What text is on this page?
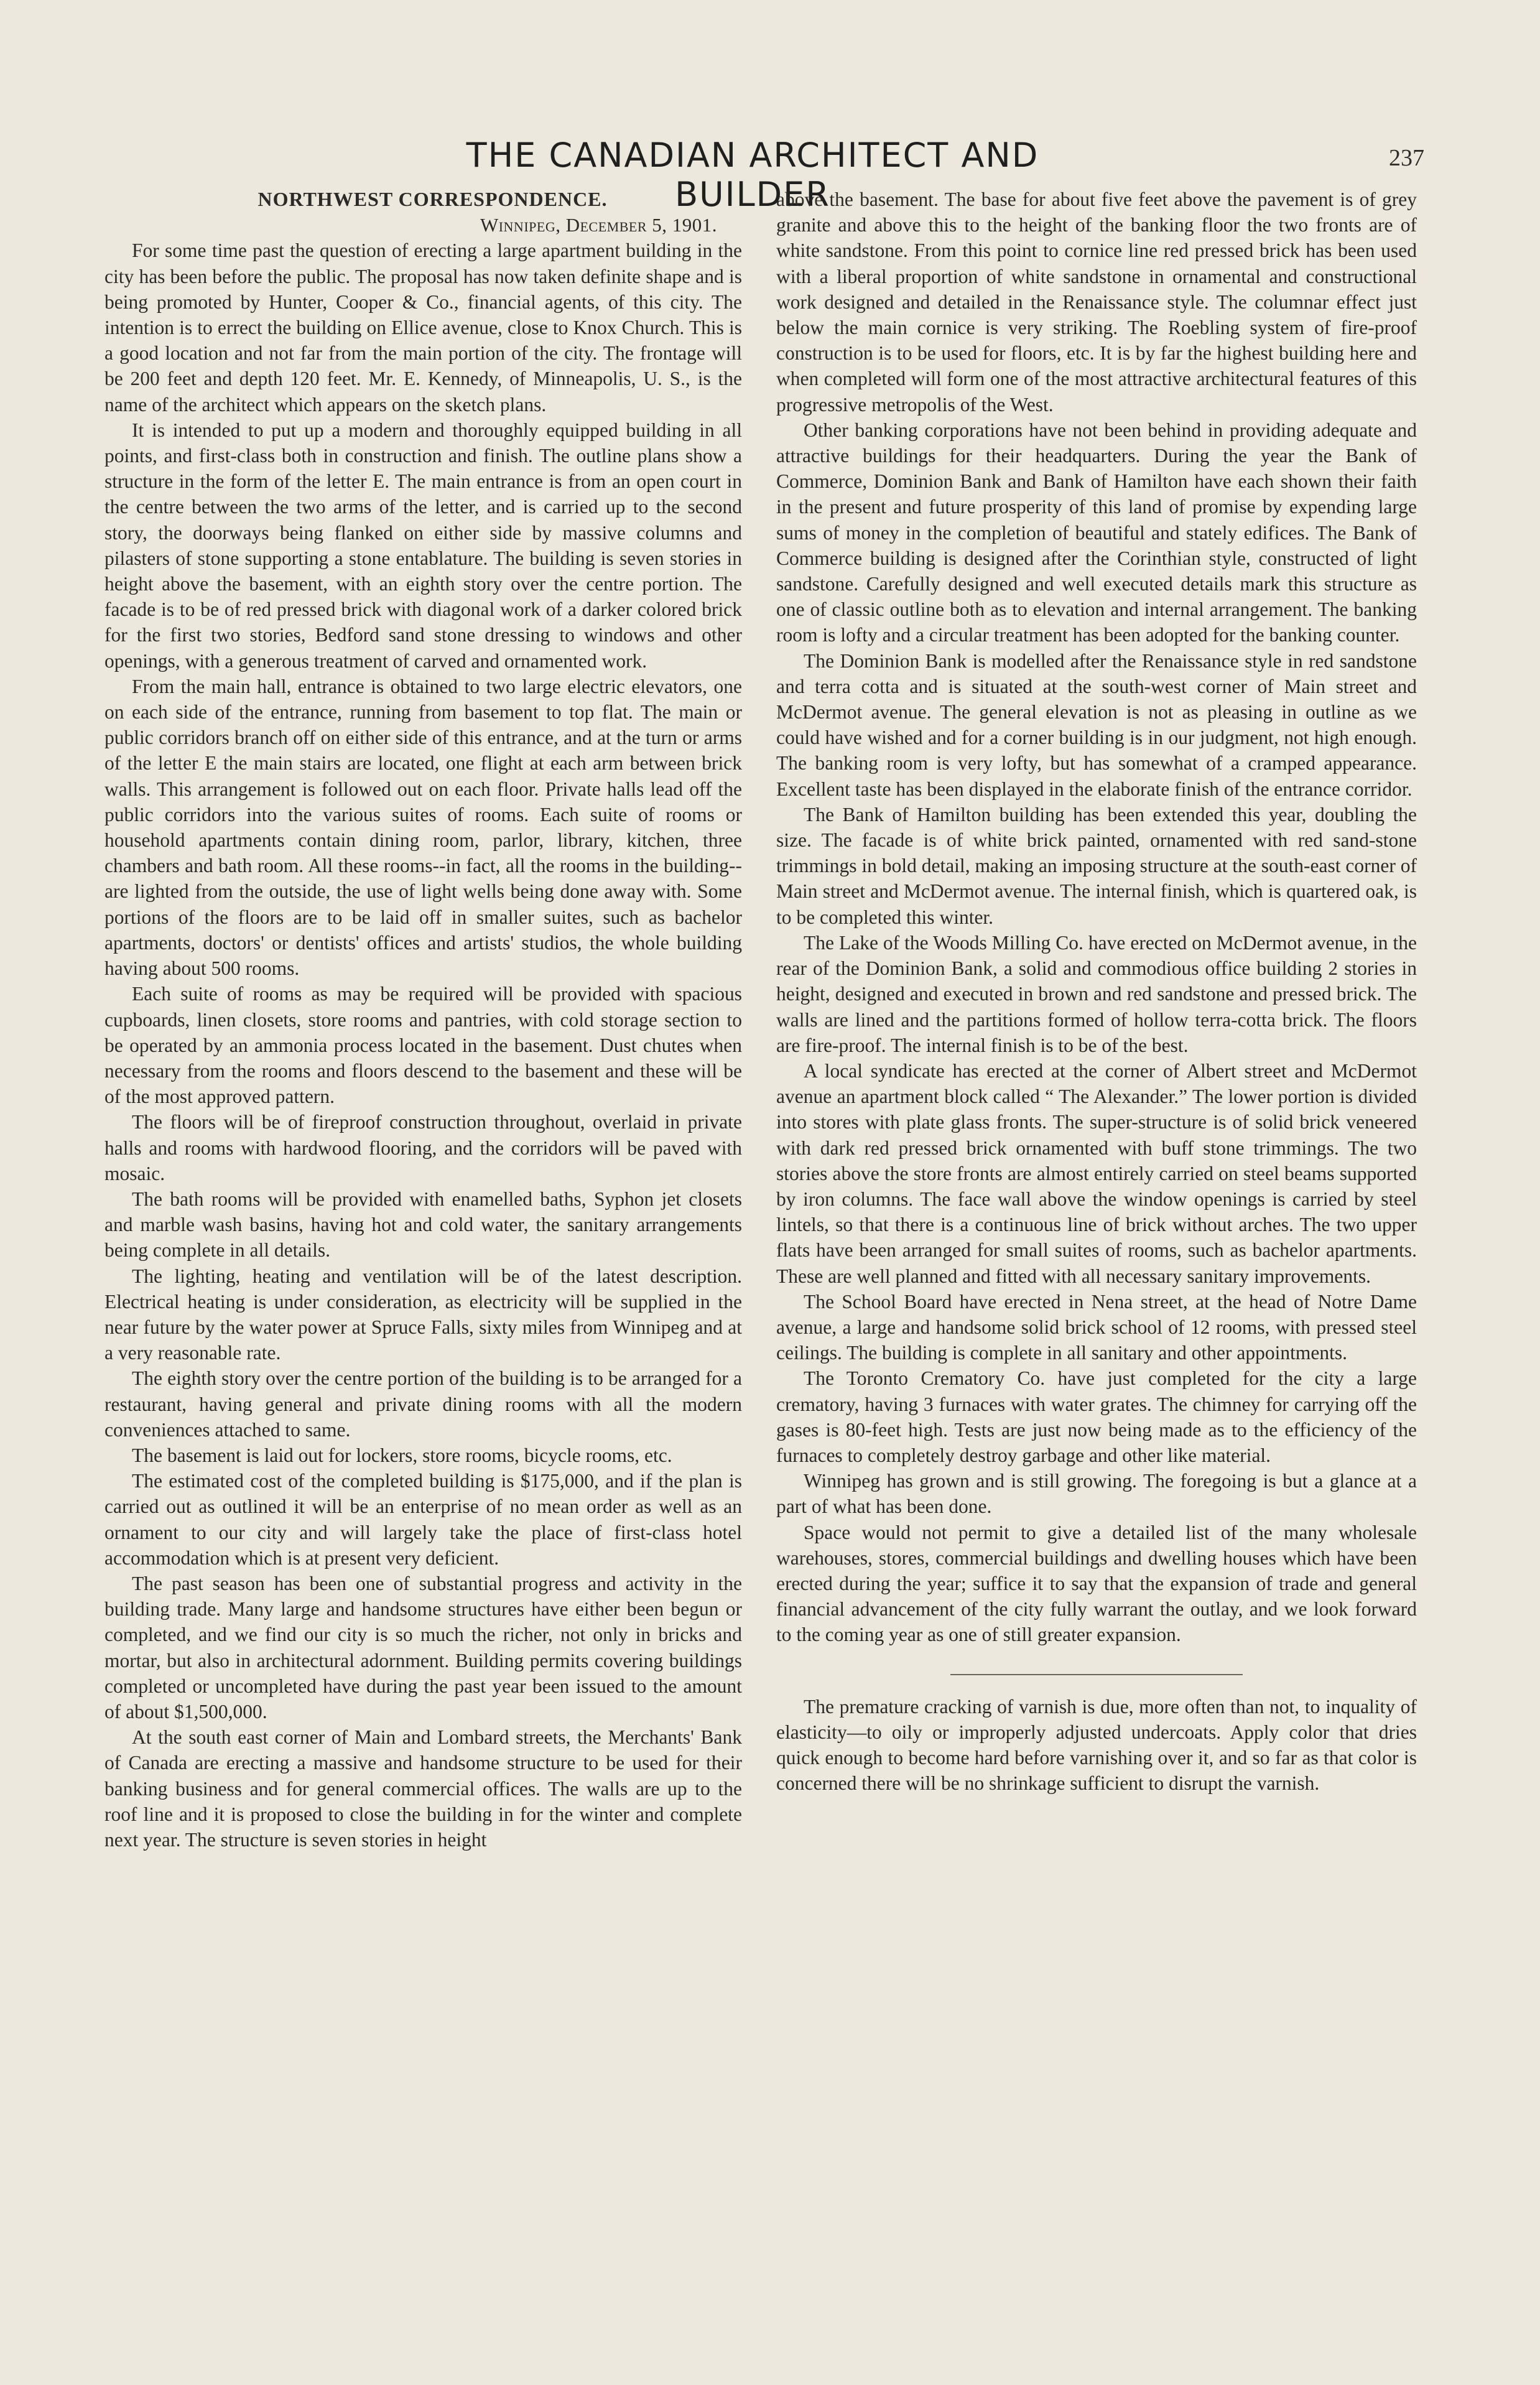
THE CANADIAN ARCHITECT AND BUILDER
237
NORTHWEST CORRESPONDENCE.

Winnipeg, December 5, 1901.

For some time past the question of erecting a large apartment building in the city has been before the public. The proposal has now taken definite shape and is being promoted by Hunter, Cooper & Co., financial agents, of this city. The intention is to errect the building on Ellice avenue, close to Knox Church. This is a good location and not far from the main portion of the city. The frontage will be 200 feet and depth 120 feet. Mr. E. Kennedy, of Minneapolis, U. S., is the name of the architect which appears on the sketch plans.

It is intended to put up a modern and thoroughly equipped building in all points, and first-class both in construction and finish. The outline plans show a structure in the form of the letter E. The main entrance is from an open court in the centre between the two arms of the letter, and is carried up to the second story, the doorways being flanked on either side by massive columns and pilasters of stone supporting a stone entablature. The building is seven stories in height above the basement, with an eighth story over the centre portion. The facade is to be of red pressed brick with diagonal work of a darker colored brick for the first two stories, Bedford sand stone dressing to windows and other openings, with a generous treatment of carved and ornamented work.

From the main hall, entrance is obtained to two large electric elevators, one on each side of the entrance, running from basement to top flat. The main or public corridors branch off on either side of this entrance, and at the turn or arms of the letter E the main stairs are located, one flight at each arm between brick walls. This arrangement is followed out on each floor. Private halls lead off the public corridors into the various suites of rooms. Each suite of rooms or household apartments contain dining room, parlor, library, kitchen, three chambers and bath room. All these rooms--in fact, all the rooms in the building--are lighted from the outside, the use of light wells being done away with. Some portions of the floors are to be laid off in smaller suites, such as bachelor apartments, doctors' or dentists' offices and artists' studios, the whole building having about 500 rooms.

Each suite of rooms as may be required will be provided with spacious cupboards, linen closets, store rooms and pantries, with cold storage section to be operated by an ammonia process located in the basement. Dust chutes when necessary from the rooms and floors descend to the basement and these will be of the most approved pattern.

The floors will be of fireproof construction throughout, overlaid in private halls and rooms with hardwood flooring, and the corridors will be paved with mosaic.

The bath rooms will be provided with enamelled baths, Syphon jet closets and marble wash basins, having hot and cold water, the sanitary arrangements being complete in all details.

The lighting, heating and ventilation will be of the latest description. Electrical heating is under consideration, as electricity will be supplied in the near future by the water power at Spruce Falls, sixty miles from Winnipeg and at a very reasonable rate.

The eighth story over the centre portion of the building is to be arranged for a restaurant, having general and private dining rooms with all the modern conveniences attached to same.

The basement is laid out for lockers, store rooms, bicycle rooms, etc.

The estimated cost of the completed building is $175,000, and if the plan is carried out as outlined it will be an enterprise of no mean order as well as an ornament to our city and will largely take the place of first-class hotel accommodation which is at present very deficient.

The past season has been one of substantial progress and activity in the building trade. Many large and handsome structures have either been begun or completed, and we find our city is so much the richer, not only in bricks and mortar, but also in architectural adornment. Building permits covering buildings completed or uncompleted have during the past year been issued to the amount of about $1,500,000.

At the south east corner of Main and Lombard streets, the Merchants' Bank of Canada are erecting a massive and handsome structure to be used for their banking business and for general commercial offices. The walls are up to the roof line and it is proposed to close the building in for the winter and complete next year. The structure is seven stories in height

above the basement. The base for about five feet above the pavement is of grey granite and above this to the height of the banking floor the two fronts are of white sandstone. From this point to cornice line red pressed brick has been used with a liberal proportion of white sandstone in ornamental and constructional work designed and detailed in the Renaissance style. The columnar effect just below the main cornice is very striking. The Roebling system of fire-proof construction is to be used for floors, etc. It is by far the highest building here and when completed will form one of the most attractive architectural features of this progressive metropolis of the West.

Other banking corporations have not been behind in providing adequate and attractive buildings for their headquarters. During the year the Bank of Commerce, Dominion Bank and Bank of Hamilton have each shown their faith in the present and future prosperity of this land of promise by expending large sums of money in the completion of beautiful and stately edifices. The Bank of Commerce building is designed after the Corinthian style, constructed of light sandstone. Carefully designed and well executed details mark this structure as one of classic outline both as to elevation and internal arrangement. The banking room is lofty and a circular treatment has been adopted for the banking counter.

The Dominion Bank is modelled after the Renaissance style in red sandstone and terra cotta and is situated at the south-west corner of Main street and McDermot avenue. The general elevation is not as pleasing in outline as we could have wished and for a corner building is in our judgment, not high enough. The banking room is very lofty, but has somewhat of a cramped appearance. Excellent taste has been displayed in the elaborate finish of the entrance corridor.

The Bank of Hamilton building has been extended this year, doubling the size. The facade is of white brick painted, ornamented with red sand-stone trimmings in bold detail, making an imposing structure at the south-east corner of Main street and McDermot avenue. The internal finish, which is quartered oak, is to be completed this winter.

The Lake of the Woods Milling Co. have erected on McDermot avenue, in the rear of the Dominion Bank, a solid and commodious office building 2 stories in height, designed and executed in brown and red sandstone and pressed brick. The walls are lined and the partitions formed of hollow terra-cotta brick. The floors are fire-proof. The internal finish is to be of the best.

A local syndicate has erected at the corner of Albert street and McDermot avenue an apartment block called “ The Alexander.” The lower portion is divided into stores with plate glass fronts. The super-structure is of solid brick veneered with dark red pressed brick ornamented with buff stone trimmings. The two stories above the store fronts are almost entirely carried on steel beams supported by iron columns. The face wall above the window openings is carried by steel lintels, so that there is a continuous line of brick without arches. The two upper flats have been arranged for small suites of rooms, such as bachelor apartments. These are well planned and fitted with all necessary sanitary improvements.

The School Board have erected in Nena street, at the head of Notre Dame avenue, a large and handsome solid brick school of 12 rooms, with pressed steel ceilings. The building is complete in all sanitary and other appointments.

The Toronto Crematory Co. have just completed for the city a large crematory, having 3 furnaces with water grates. The chimney for carrying off the gases is 80-feet high. Tests are just now being made as to the efficiency of the furnaces to completely destroy garbage and other like material.

Winnipeg has grown and is still growing. The foregoing is but a glance at a part of what has been done.

Space would not permit to give a detailed list of the many wholesale warehouses, stores, commercial buildings and dwelling houses which have been erected during the year; suffice it to say that the expansion of trade and general financial advancement of the city fully warrant the outlay, and we look forward to the coming year as one of still greater expansion.

The premature cracking of varnish is due, more often than not, to inquality of elasticity—to oily or improperly adjusted undercoats. Apply color that dries quick enough to become hard before varnishing over it, and so far as that color is concerned there will be no shrinkage sufficient to disrupt the varnish.
